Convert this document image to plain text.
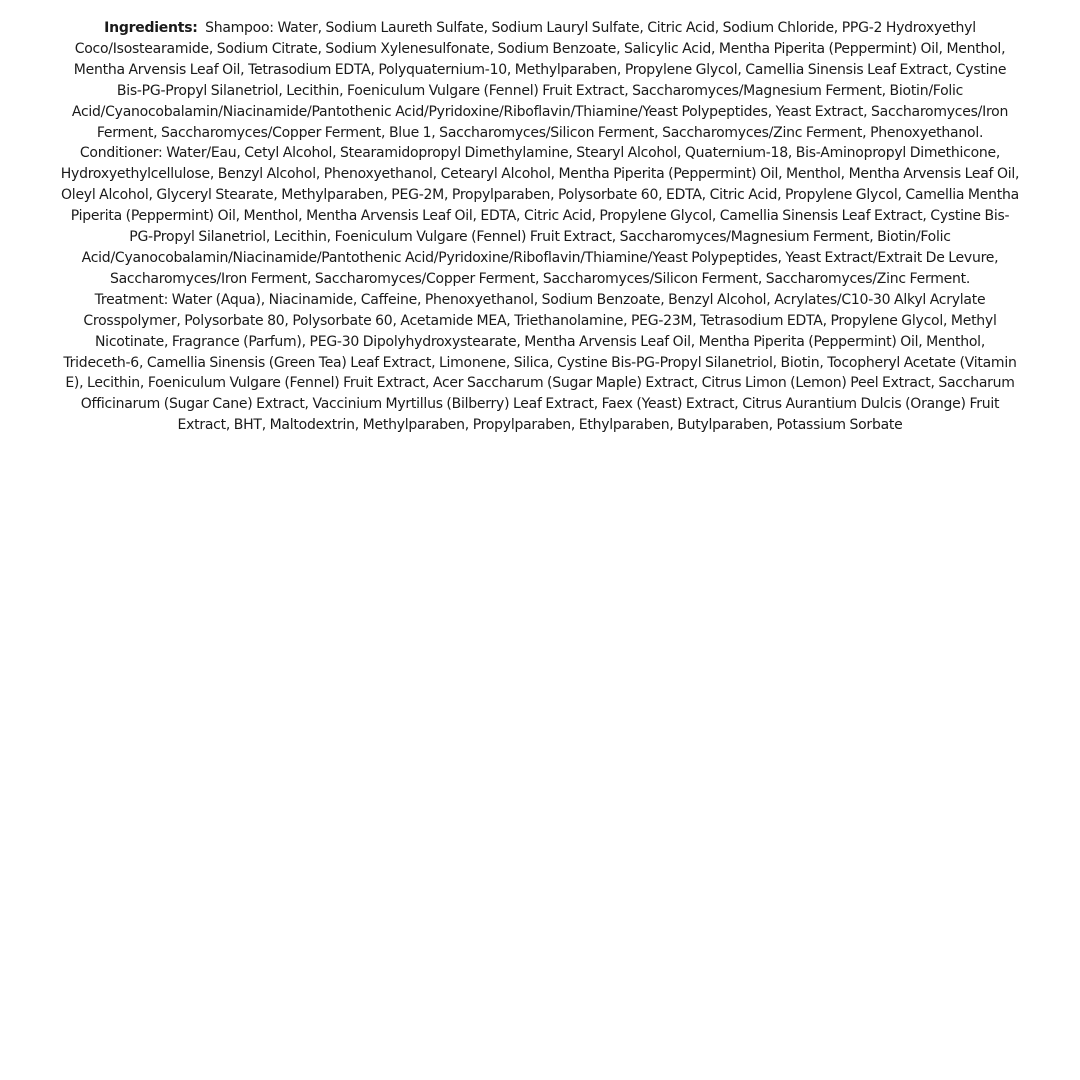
Ingredients: Shampoo: Water, Sodium Laureth Sulfate, Sodium Lauryl Sulfate, Citric Acid, Sodium Chloride, PPG-2 Hydroxyethyl Coco/Isostearamide, Sodium Citrate, Sodium Xylenesulfonate, Sodium Benzoate, Salicylic Acid, Mentha Piperita (Peppermint) Oil, Menthol, Mentha Arvensis Leaf Oil, Tetrasodium EDTA, Polyquaternium-10, Methylparaben, Propylene Glycol, Camellia Sinensis Leaf Extract, Cystine Bis-PG-Propyl Silanetriol, Lecithin, Foeniculum Vulgare (Fennel) Fruit Extract, Saccharomyces/Magnesium Ferment, Biotin/Folic Acid/Cyanocobalamin/Niacinamide/Pantothenic Acid/Pyridoxine/Riboflavin/Thiamine/Yeast Polypeptides, Yeast Extract, Saccharomyces/Iron Ferment, Saccharomyces/Copper Ferment, Blue 1, Saccharomyces/Silicon Ferment, Saccharomyces/Zinc Ferment, Phenoxyethanol.

Conditioner: Water/Eau, Cetyl Alcohol, Stearamidopropyl Dimethylamine, Stearyl Alcohol, Quaternium-18, Bis-Aminopropyl Dimethicone, Hydroxyethylcellulose, Benzyl Alcohol, Phenoxyethanol, Cetearyl Alcohol, Mentha Piperita (Peppermint) Oil, Menthol, Mentha Arvensis Leaf Oil, Oleyl Alcohol, Glyceryl Stearate, Methylparaben, PEG-2M, Propylparaben, Polysorbate 60, EDTA, Citric Acid, Propylene Glycol, Camellia Mentha Piperita (Peppermint) Oil, Menthol, Mentha Arvensis Leaf Oil, EDTA, Citric Acid, Propylene Glycol, Camellia Sinensis Leaf Extract, Cystine Bis-PG-Propyl Silanetriol, Lecithin, Foeniculum Vulgare (Fennel) Fruit Extract, Saccharomyces/Magnesium Ferment, Biotin/Folic Acid/Cyanocobalamin/Niacinamide/Pantothenic Acid/Pyridoxine/Riboflavin/Thiamine/Yeast Polypeptides, Yeast Extract/Extrait De Levure, Saccharomyces/Iron Ferment, Saccharomyces/Copper Ferment, Saccharomyces/Silicon Ferment, Saccharomyces/Zinc Ferment.

Treatment: Water (Aqua), Niacinamide, Caffeine, Phenoxyethanol, Sodium Benzoate, Benzyl Alcohol, Acrylates/C10-30 Alkyl Acrylate Crosspolymer, Polysorbate 80, Polysorbate 60, Acetamide MEA, Triethanolamine, PEG-23M, Tetrasodium EDTA, Propylene Glycol, Methyl Nicotinate, Fragrance (Parfum), PEG-30 Dipolyhydroxystearate, Mentha Arvensis Leaf Oil, Mentha Piperita (Peppermint) Oil, Menthol, Trideceth-6, Camellia Sinensis (Green Tea) Leaf Extract, Limonene, Silica, Cystine Bis-PG-Propyl Silanetriol, Biotin, Tocopheryl Acetate (Vitamin E), Lecithin, Foeniculum Vulgare (Fennel) Fruit Extract, Acer Saccharum (Sugar Maple) Extract, Citrus Limon (Lemon) Peel Extract, Saccharum Officinarum (Sugar Cane) Extract, Vaccinium Myrtillus (Bilberry) Leaf Extract, Faex (Yeast) Extract, Citrus Aurantium Dulcis (Orange) Fruit Extract, BHT, Maltodextrin, Methylparaben, Propylparaben, Ethylparaben, Butylparaben, Potassium Sorbate
